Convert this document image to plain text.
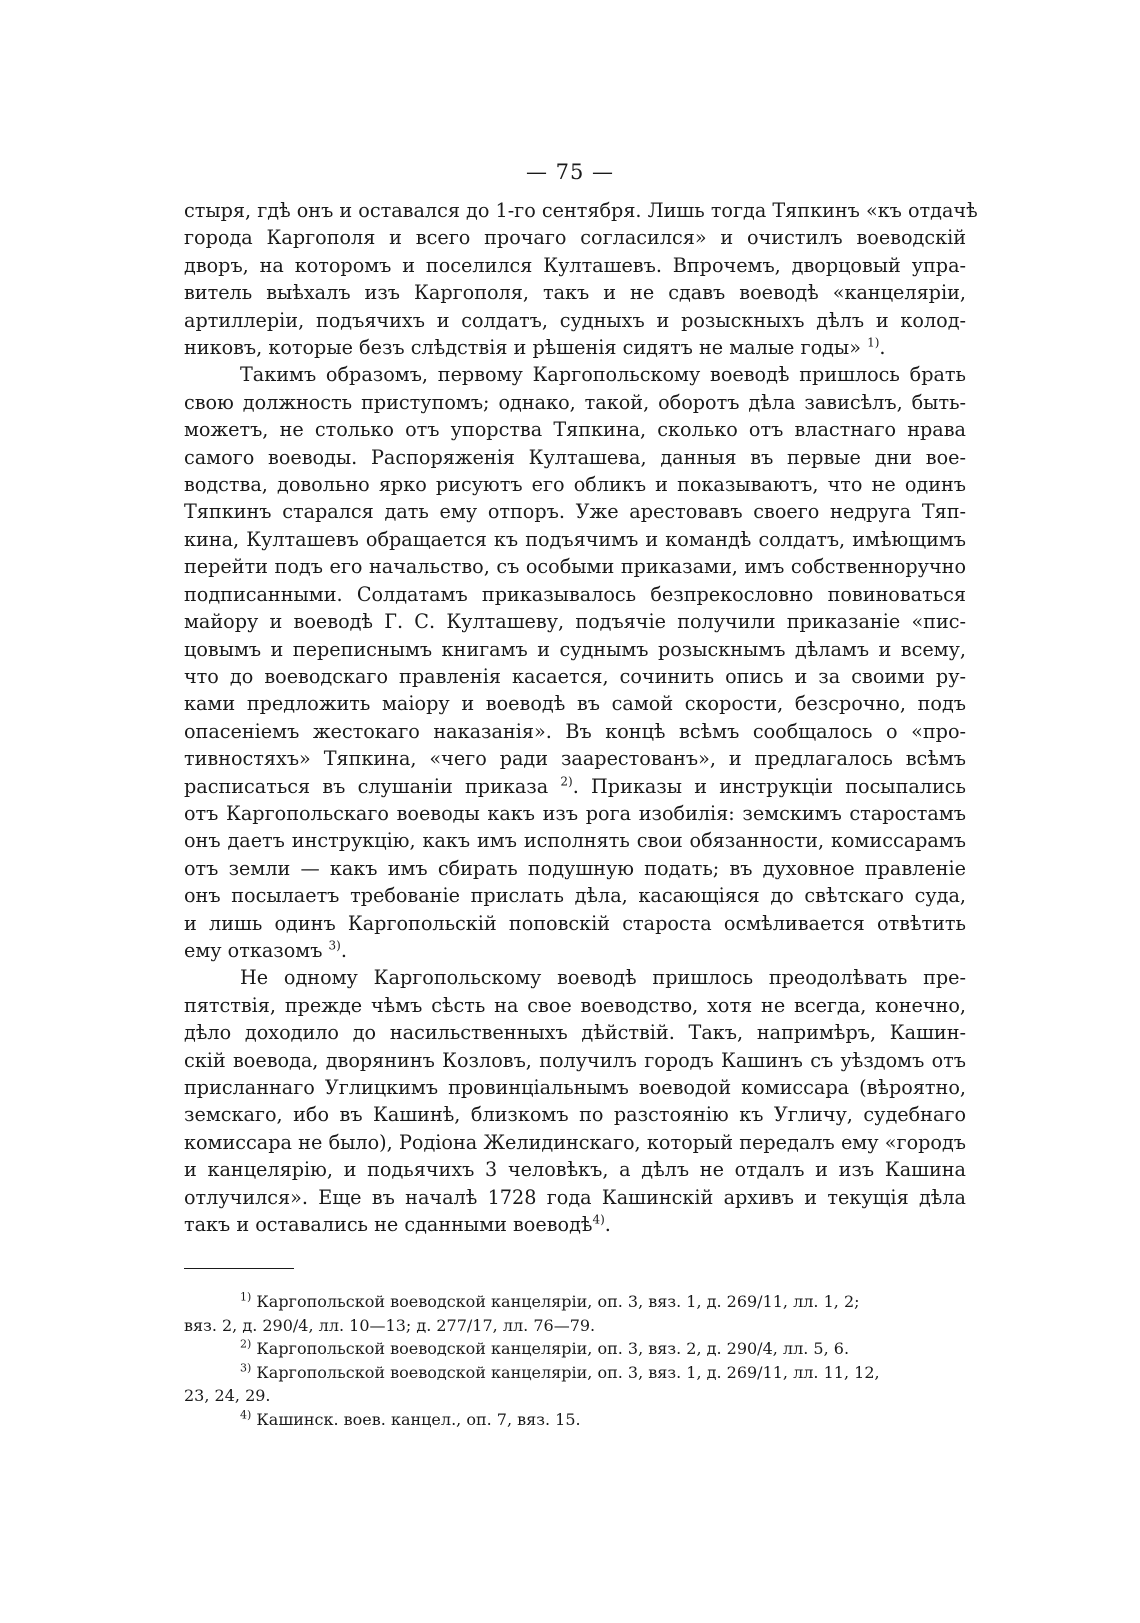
— 75 —

стыря, гдѣ онъ и оставался до 1-го сентября. Лишь тогда Тяпкинъ «къ отдачѣ
города Каргополя и всего прочаго согласился» и очистилъ воеводскій
дворъ, на которомъ и поселился Култашевъ. Впрочемъ, дворцовый упра-
витель выѣхалъ изъ Каргополя, такъ и не сдавъ воеводѣ «канцеляріи,
артиллеріи, подъячихъ и солдатъ, судныхъ и розыскныхъ дѣлъ и колод-
никовъ, которые безъ слѣдствія и рѣшенія сидятъ не малые годы» $^{1)}$.

Такимъ образомъ, первому Каргопольскому воеводѣ пришлось брать
свою должность приступомъ; однако, такой, оборотъ дѣла зависѣлъ, быть-
можетъ, не столько отъ упорства Тяпкина, сколько отъ властнаго нрава
самого воеводы. Распоряженія Култашева, данныя въ первые дни вое-
водства, довольно ярко рисуютъ его обликъ и показываютъ, что не одинъ
Тяпкинъ старался дать ему отпоръ. Уже арестовавъ своего недруга Тяп-
кина, Култашевъ обращается къ подъячимъ и командѣ солдатъ, имѣющимъ
перейти подъ его начальство, съ особыми приказами, имъ собственноручно
подписанными. Солдатамъ приказывалось безпрекословно повиноваться
майору и воеводѣ Г. С. Култашеву, подъячіе получили приказаніе «пис-
цовымъ и переписнымъ книгамъ и суднымъ розыскнымъ дѣламъ и всему,
что до воеводскаго правленія касается, сочинить опись и за своими ру-
ками предложить маіору и воеводѣ въ самой скорости, безсрочно, подъ
опасеніемъ жестокаго наказанія». Въ концѣ всѣмъ сообщалось о «про-
тивностяхъ» Тяпкина, «чего ради заарестованъ», и предлагалось всѣмъ
расписаться въ слушаніи приказа $^{2)}$. Приказы и инструкціи посыпались
отъ Каргопольскаго воеводы какъ изъ рога изобилія: земскимъ старостамъ
онъ даетъ инструкцію, какъ имъ исполнять свои обязанности, комиссарамъ
отъ земли — какъ имъ сбирать подушную подать; въ духовное правленіе
онъ посылаетъ требованіе прислать дѣла, касающіяся до свѣтскаго суда,
и лишь одинъ Каргопольскій поповскій староста осмѣливается отвѣтить
ему отказомъ $^{3)}$.

Не одному Каргопольскому воеводѣ пришлось преодолѣвать пре-
пятствія, прежде чѣмъ сѣсть на свое воеводство, хотя не всегда, конечно,
дѣло доходило до насильственныхъ дѣйствій. Такъ, напримѣръ, Кашин-
скій воевода, дворянинъ Козловъ, получилъ городъ Кашинъ съ уѣздомъ отъ
присланнаго Углицкимъ провинціальнымъ воеводой комиссара (вѣроятно,
земскаго, ибо въ Кашинѣ, близкомъ по разстоянію къ Угличу, судебнаго
комиссара не было), Родіона Желидинскаго, который передалъ ему «городъ
и канцелярію, и подьячихъ 3 человѣкъ, а дѣлъ не отдалъ и изъ Кашина
отлучился». Еще въ началѣ 1728 года Кашинскій архивъ и текущія дѣла
такъ и оставались не сданными воеводѣ$^{4)}$.

$^{1)}$ Каргопольской воеводской канцеляріи, оп. 3, вяз. 1, д. 269/11, лл. 1, 2;
вяз. 2, д. 290/4, лл. 10—13; д. 277/17, лл. 76—79.
$^{2)}$ Каргопольской воеводской канцеляріи, оп. 3, вяз. 2, д. 290/4, лл. 5, 6.
$^{3)}$ Каргопольской воеводской канцеляріи, оп. 3, вяз. 1, д. 269/11, лл. 11, 12,
23, 24, 29.
$^{4)}$ Кашинск. воев. канцел., оп. 7, вяз. 15.
